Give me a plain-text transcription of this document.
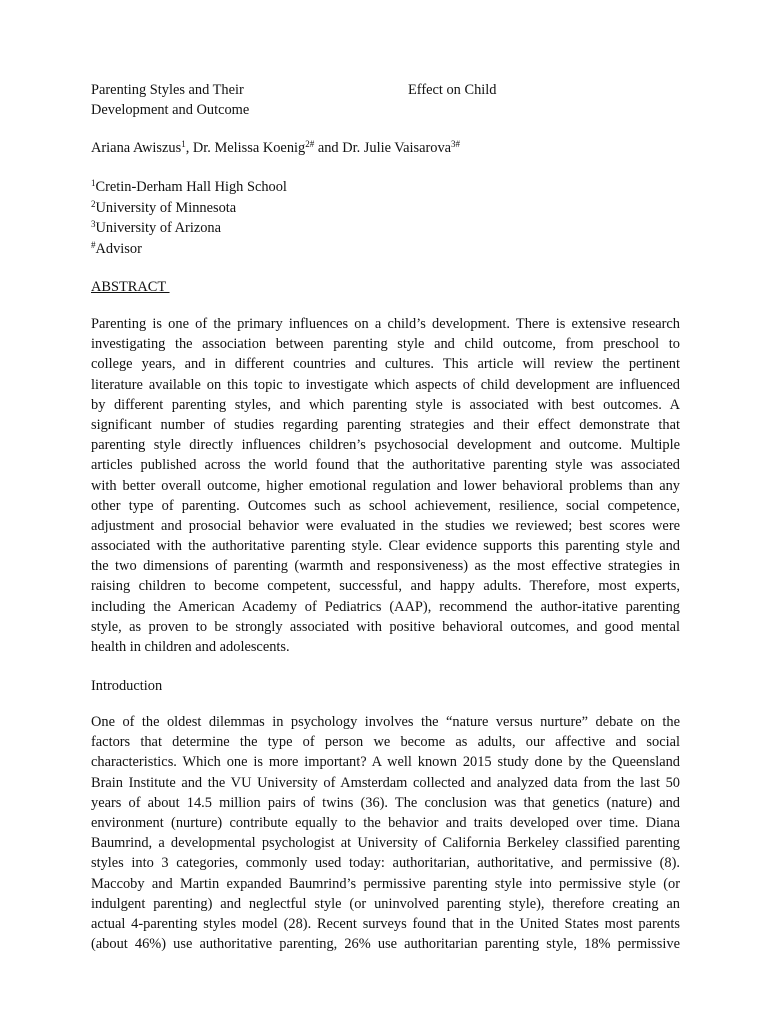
Parenting Styles and Their	Effect on Child
Development and Outcome
Ariana Awiszus$^1$, Dr. Melissa Koenig$^{2\#}$ and Dr. Julie Vaisarova$^{3\#}$
$^1$Cretin-Derham Hall High School
$^2$University of Minnesota
$^3$University of Arizona
#Advisor
ABSTRACT
Parenting is one of the primary influences on a child’s development. There is extensive research
investigating the association between parenting style and child outcome, from preschool to
college years, and in different countries and cultures. This article will review the pertinent
literature available on this topic to investigate which aspects of child development are influenced
by different parenting styles, and which parenting style is associated with best outcomes. A
significant number of studies regarding parenting strategies and their effect demonstrate that
parenting style directly influences children’s psychosocial development and outcome. Multiple
articles published across the world found that the authoritative parenting style was associated
with better overall outcome, higher emotional regulation and lower behavioral problems than any
other type of parenting. Outcomes such as school achievement, resilience, social competence,
adjustment and prosocial behavior were evaluated in the studies we reviewed; best scores were
associated with the authoritative parenting style. Clear evidence supports this parenting style and
the two dimensions of parenting (warmth and responsiveness) as the most effective strategies in
raising children to become competent, successful, and happy adults. Therefore, most experts,
including the American Academy of Pediatrics (AAP), recommend the author-itative parenting
style, as proven to be strongly associated with positive behavioral outcomes, and good mental
health in children and adolescents.
Introduction
One of the oldest dilemmas in psychology involves the “nature versus nurture” debate on the
factors that determine the type of person we become as adults, our affective and social
characteristics. Which one is more important? A well known 2015 study done by the Queensland
Brain Institute and the VU University of Amsterdam collected and analyzed data from the last 50
years of about 14.5 million pairs of twins (36). The conclusion was that genetics (nature) and
environment (nurture) contribute equally to the behavior and traits developed over time. Diana
Baumrind, a developmental psychologist at University of California Berkeley classified parenting
styles into 3 categories, commonly used today: authoritarian, authoritative, and permissive (8).
Maccoby and Martin expanded Baumrind’s permissive parenting style into permissive style (or
indulgent parenting) and neglectful style (or uninvolved parenting style), therefore creating an
actual 4-parenting styles model (28). Recent surveys found that in the United States most parents
(about 46%) use authoritative parenting, 26% use authoritarian parenting style, 18% permissive
